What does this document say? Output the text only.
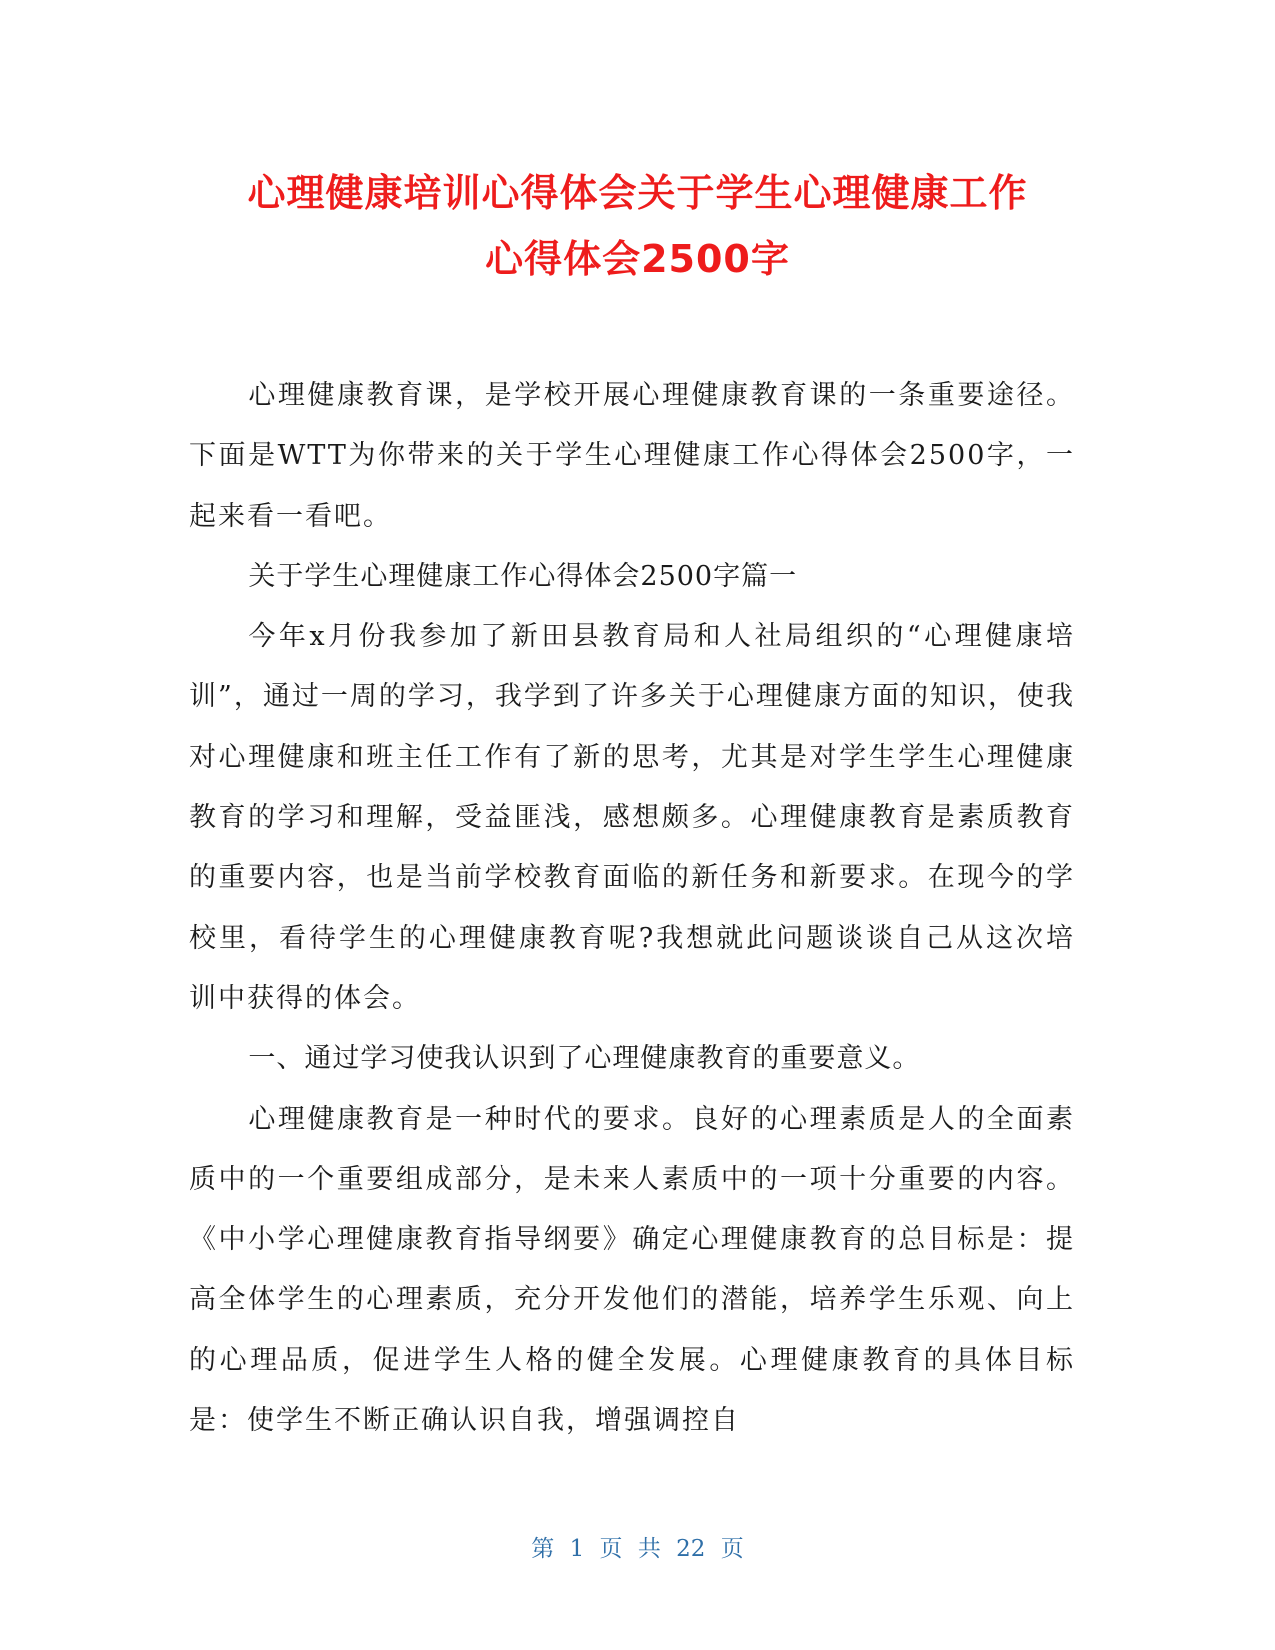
心理健康培训心得体会关于学生心理健康工作
心得体会2500字

心理健康教育课，是学校开展心理健康教育课的一条重要途径。下面是WTT为你带来的关于学生心理健康工作心得体会2500字，一起来看一看吧。

关于学生心理健康工作心得体会2500字篇一

今年x月份我参加了新田县教育局和人社局组织的“心理健康培训”，通过一周的学习，我学到了许多关于心理健康方面的知识，使我对心理健康和班主任工作有了新的思考，尤其是对学生学生心理健康教育的学习和理解，受益匪浅，感想颇多。心理健康教育是素质教育的重要内容，也是当前学校教育面临的新任务和新要求。在现今的学校里，看待学生的心理健康教育呢?我想就此问题谈谈自己从这次培训中获得的体会。

一、通过学习使我认识到了心理健康教育的重要意义。

心理健康教育是一种时代的要求。良好的心理素质是人的全面素质中的一个重要组成部分，是未来人素质中的一项十分重要的内容。《中小学心理健康教育指导纲要》确定心理健康教育的总目标是：提高全体学生的心理素质，充分开发他们的潜能，培养学生乐观、向上的心理品质，促进学生人格的健全发展。心理健康教育的具体目标是：使学生不断正确认识自我，增强调控自

第 1 页 共 22 页
